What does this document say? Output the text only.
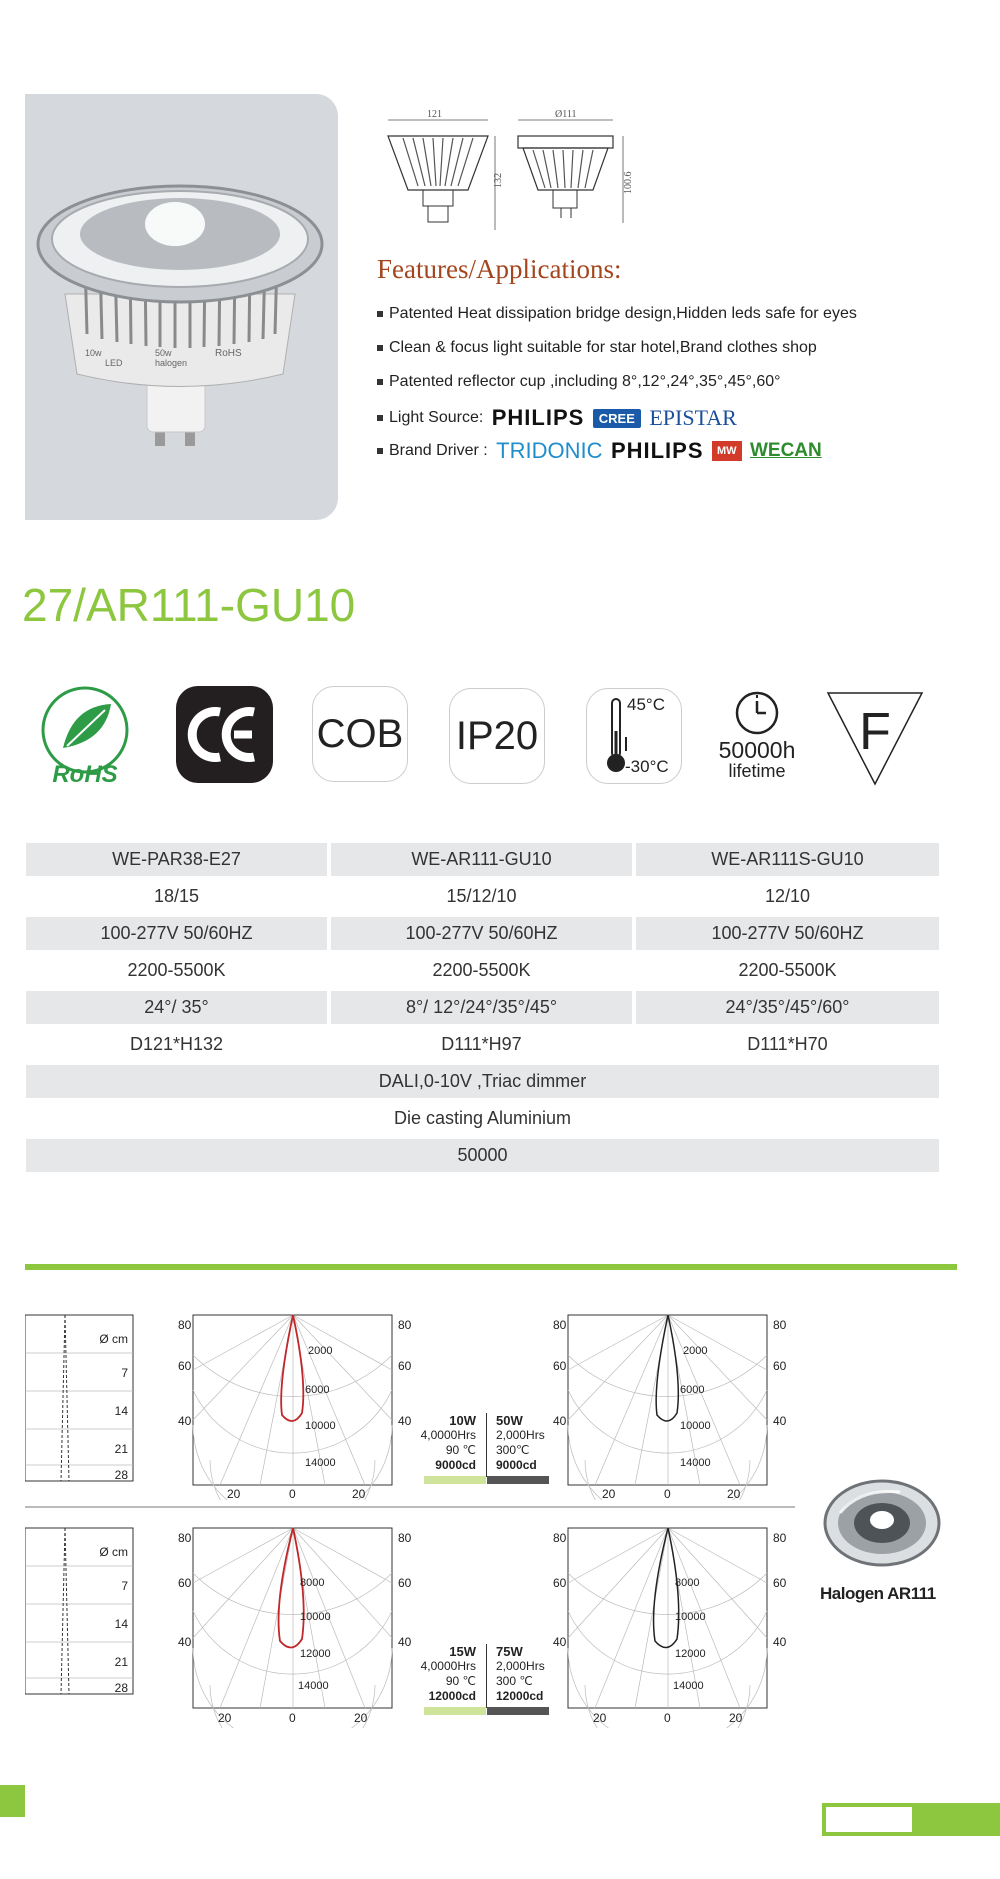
10w
LED
50w
halogen
RoHS
121
132
Ø111
100.6
Features/Applications:
Patented Heat dissipation bridge design,Hidden leds safe for eyes
Clean & focus light suitable for star hotel,Brand clothes shop
Patented reflector cup ,including 8°,12°,24°,35°,45°,60°
Light Source: PHILIPS CREE EPISTAR
Brand Driver : TRIDONIC PHILIPS MW WECAN
27/AR111-GU10
RoHS
COB IP20
45°C
-30°C
50000h
lifetime
F
WE-PAR38-E27	WE-AR111-GU10	WE-AR111S-GU10
18/15	15/12/10	12/10
100-277V 50/60HZ	100-277V 50/60HZ	100-277V 50/60HZ
2200-5500K	2200-5500K	2200-5500K
24°/ 35°	8°/ 12°/24°/35°/45°	24°/35°/45°/60°
D121*H132	D111*H97	D111*H70
DALI,0-10V ,Triac dimmer
Die casting Aluminium
50000
Ø cm
7
14
21
28
80
60
40
80
60
40
2000
6000
10000
14000
20	0	20
10W
4,0000Hrs
90 ℃
9000cd
50W
2,000Hrs
300℃
9000cd
80
60
40
80
60
40
2000
6000
10000
14000
20	0	20
Ø cm
7
14
21
28
80
60
40
80
60
40
8000
10000
12000
14000
20	0	20
15W
4,0000Hrs
90 ℃
12000cd
75W
2,000Hrs
300 ℃
12000cd
80
60
40
80
60
40
8000
10000
12000
14000
20	0	20
Halogen AR111
